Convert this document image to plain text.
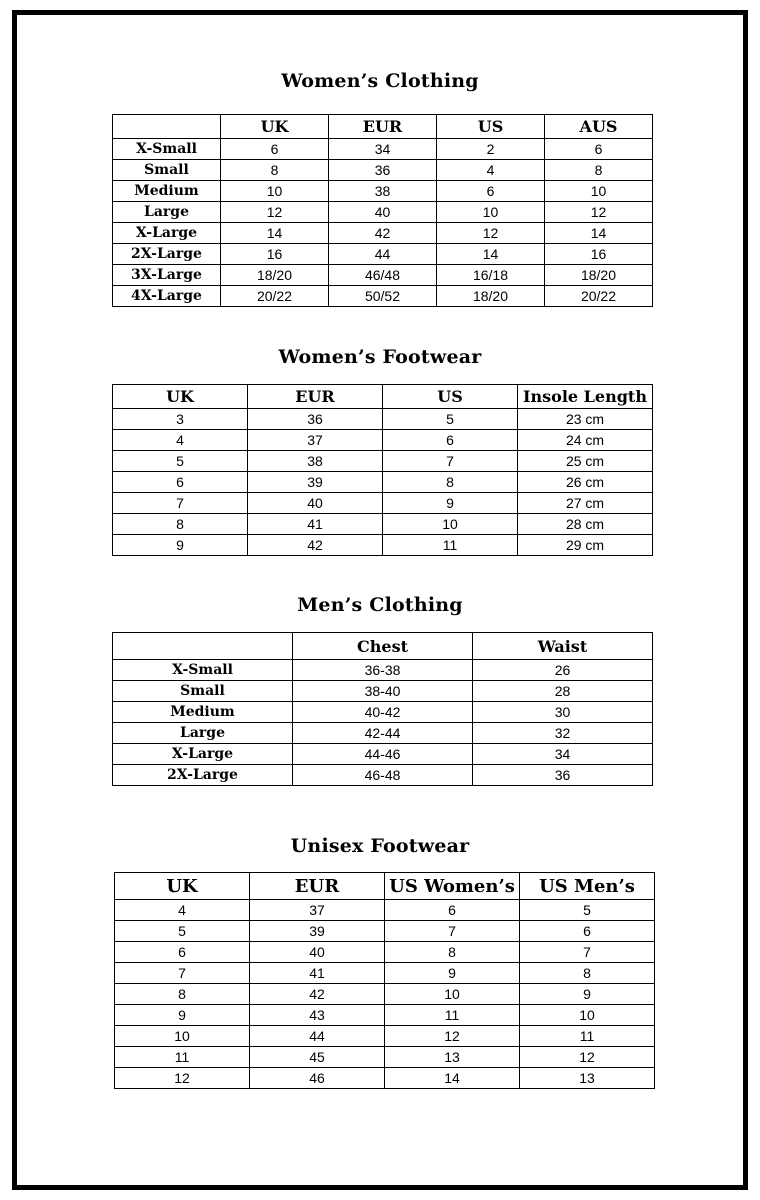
Women’s Clothing
	UK	EUR	US	AUS
X-Small	6	34	2	6
Small	8	36	4	8
Medium	10	38	6	10
Large	12	40	10	12
X-Large	14	42	12	14
2X-Large	16	44	14	16
3X-Large	18/20	46/48	16/18	18/20
4X-Large	20/22	50/52	18/20	20/22
Women’s Footwear
UK	EUR	US	Insole Length
3	36	5	23 cm
4	37	6	24 cm
5	38	7	25 cm
6	39	8	26 cm
7	40	9	27 cm
8	41	10	28 cm
9	42	11	29 cm
Men’s Clothing
	Chest	Waist
X-Small	36-38	26
Small	38-40	28
Medium	40-42	30
Large	42-44	32
X-Large	44-46	34
2X-Large	46-48	36
Unisex Footwear
UK	EUR	US Women’s	US Men’s
4	37	6	5
5	39	7	6
6	40	8	7
7	41	9	8
8	42	10	9
9	43	11	10
10	44	12	11
11	45	13	12
12	46	14	13
